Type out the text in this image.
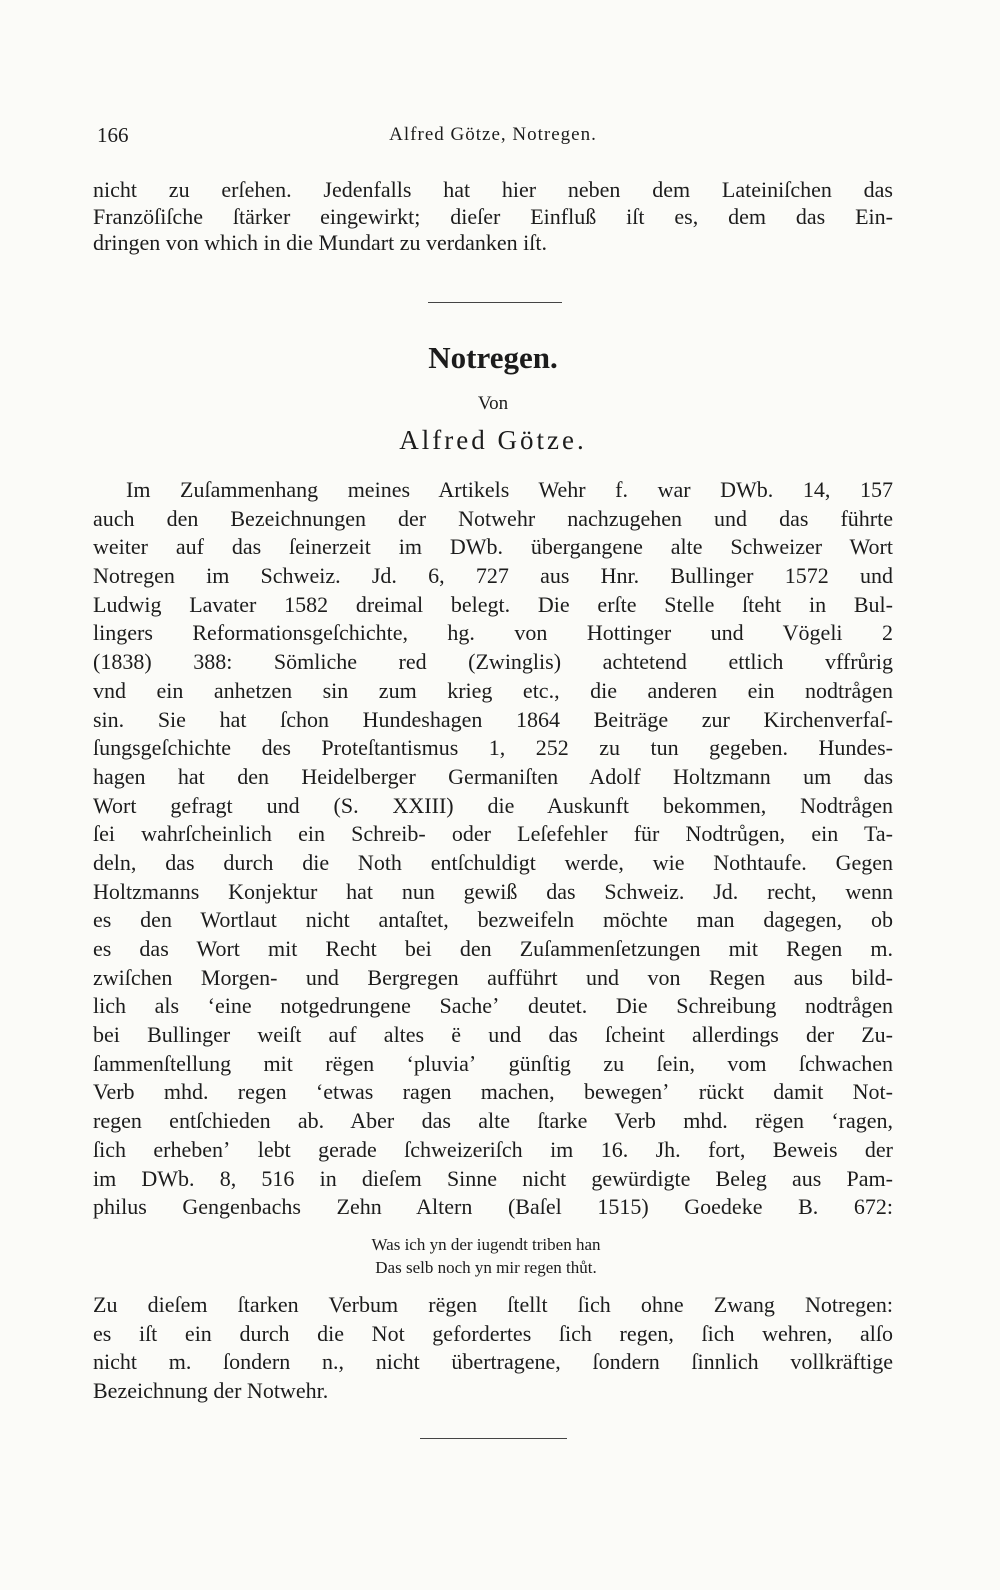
166	Alfred Götze, Notregen.
nicht zu erſehen. Jedenfalls hat hier neben dem Lateiniſchen das
Franzöſiſche ſtärker eingewirkt; dieſer Einfluß iſt es, dem das Ein-
dringen von which in die Mundart zu verdanken iſt.
Notregen.
Von
Alfred Götze.
Im Zuſammenhang meines Artikels Wehr f. war DWb. 14, 157
auch den Bezeichnungen der Notwehr nachzugehen und das führte
weiter auf das ſeinerzeit im DWb. übergangene alte Schweizer Wort
Notregen im Schweiz. Jd. 6, 727 aus Hnr. Bullinger 1572 und
Ludwig Lavater 1582 dreimal belegt. Die erſte Stelle ſteht in Bul-
lingers Reformationsgeſchichte, hg. von Hottinger und Vögeli 2
(1838) 388: Sömliche red (Zwinglis) achtetend ettlich vffrůrig
vnd ein anhetzen sin zum krieg etc., die anderen ein nodtrågen
sin. Sie hat ſchon Hundeshagen 1864 Beiträge zur Kirchenverfaſ-
ſungsgeſchichte des Proteſtantismus 1, 252 zu tun gegeben. Hundes-
hagen hat den Heidelberger Germaniſten Adolf Holtzmann um das
Wort gefragt und (S. XXIII) die Auskunft bekommen, Nodtrågen
ſei wahrſcheinlich ein Schreib- oder Leſefehler für Nodtrůgen, ein Ta-
deln, das durch die Noth entſchuldigt werde, wie Nothtaufe. Gegen
Holtzmanns Konjektur hat nun gewiß das Schweiz. Jd. recht, wenn
es den Wortlaut nicht antaſtet, bezweifeln möchte man dagegen, ob
es das Wort mit Recht bei den Zuſammenſetzungen mit Regen m.
zwiſchen Morgen- und Bergregen aufführt und von Regen aus bild-
lich als ʻeine notgedrungene Sacheʼ deutet. Die Schreibung nodtrågen
bei Bullinger weiſt auf altes ë und das ſcheint allerdings der Zu-
ſammenſtellung mit rëgen ʻpluviaʼ günſtig zu ſein, vom ſchwachen
Verb mhd. regen ʻetwas ragen machen, bewegenʼ rückt damit Not-
regen entſchieden ab. Aber das alte ſtarke Verb mhd. rëgen ʻragen,
ſich erhebenʼ lebt gerade ſchweizeriſch im 16. Jh. fort, Beweis der
im DWb. 8, 516 in dieſem Sinne nicht gewürdigte Beleg aus Pam-
philus Gengenbachs Zehn Altern (Baſel 1515) Goedeke B. 672:
Was ich yn der iugendt triben han
Das selb noch yn mir regen thůt.
Zu dieſem ſtarken Verbum rëgen ſtellt ſich ohne Zwang Notregen:
es iſt ein durch die Not gefordertes ſich regen, ſich wehren, alſo
nicht m. ſondern n., nicht übertragene, ſondern ſinnlich vollkräftige
Bezeichnung der Notwehr.
